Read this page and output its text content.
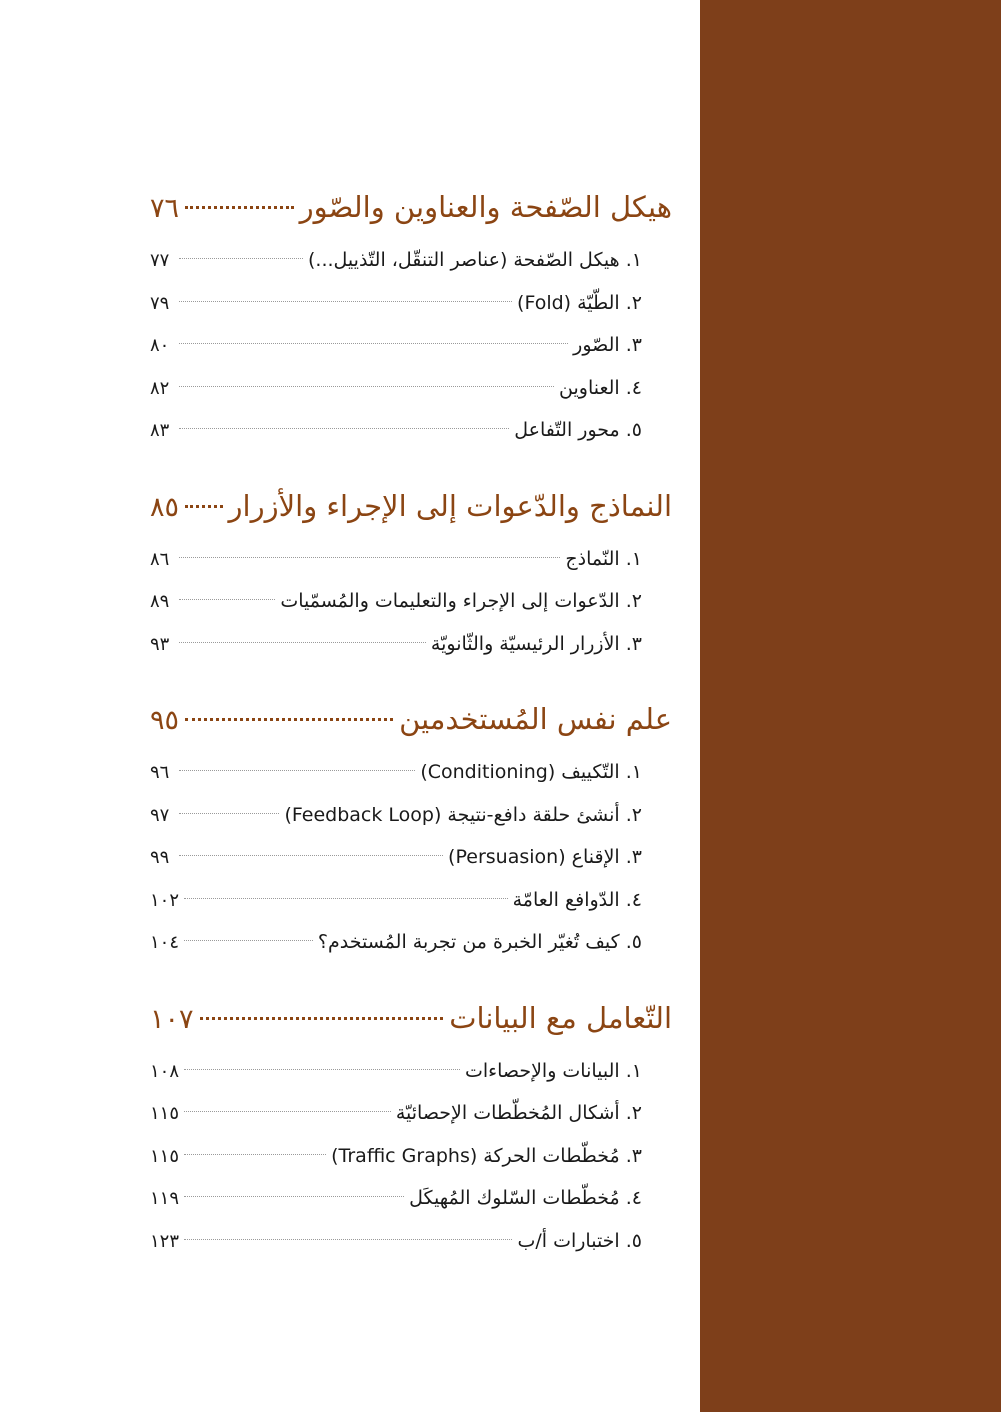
هيكل الصّفحة والعناوين والصّور
٧٦
١. هيكل الصّفحة (عناصر التنقّل، التّذييل...)
٧٧
٢. الطّيّة (Fold)
٧٩
٣. الصّور
٨٠
٤. العناوين
٨٢
٥. محور التّفاعل
٨٣
النماذج والدّعوات إلى الإجراء والأزرار
٨٥
١. النّماذج
٨٦
٢. الدّعوات إلى الإجراء والتعليمات والمُسمّيات
٨٩
٣. الأزرار الرئيسيّة والثّانويّة
٩٣
علم نفس المُستخدمين
٩٥
١. التّكييف (Conditioning)
٩٦
٢. أنشئ حلقة دافع-نتيجة (Feedback Loop)
٩٧
٣. الإقناع (Persuasion)
٩٩
٤. الدّوافع العامّة
١٠٢
٥. كيف تُغيّر الخبرة من تجربة المُستخدم؟
١٠٤
التّعامل مع البيانات
١٠٧
١. البيانات والإحصاءات
١٠٨
٢. أشكال المُخطّطات الإحصائيّة
١١٥
٣. مُخطّطات الحركة (Traffic Graphs)
١١٥
٤. مُخطّطات السّلوك المُهيكَل
١١٩
٥. اختبارات أ/ب
١٢٣
